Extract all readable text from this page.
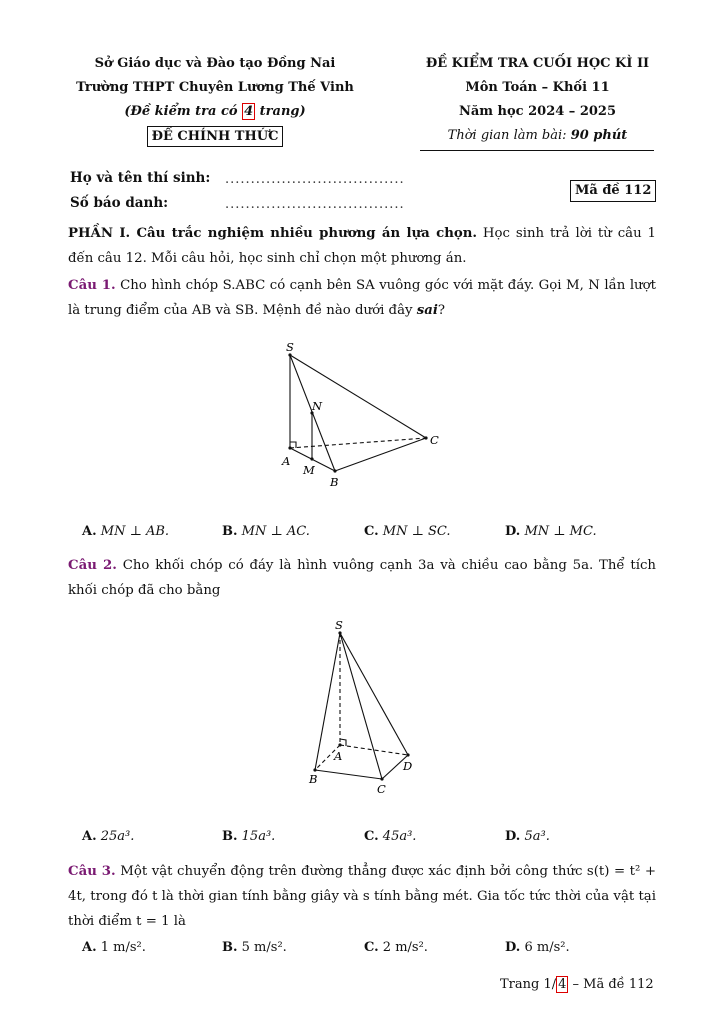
Sở Giáo dục và Đào tạo Đồng Nai
Trường THPT Chuyên Lương Thế Vinh
(Đề kiểm tra có 4 trang)
ĐỀ CHÍNH THỨC
ĐỀ KIỂM TRA CUỐI HỌC KÌ II
Môn Toán – Khối 11
Năm học 2024 – 2025
Thời gian làm bài: 90 phút
Họ và tên thí sinh: ...................................
Số báo danh:	...................................
Mã đề 112
PHẦN I. Câu trắc nghiệm nhiều phương án lựa chọn. Học sinh trả lời từ câu 1 đến câu 12. Mỗi câu hỏi, học sinh chỉ chọn một phương án.
Câu 1. Cho hình chóp S.ABC có cạnh bên SA vuông góc với mặt đáy. Gọi M, N lần lượt là trung điểm của AB và SB. Mệnh đề nào dưới đây sai?
S
N
C
A
M
B
A. MN ⊥ AB.	B. MN ⊥ AC.	C. MN ⊥ SC.	D. MN ⊥ MC.
Câu 2. Cho khối chóp có đáy là hình vuông cạnh 3a và chiều cao bằng 5a. Thể tích khối chóp đã cho bằng
S
A
B
C
D
A. 25a³.	B. 15a³.	C. 45a³.	D. 5a³.
Câu 3. Một vật chuyển động trên đường thẳng được xác định bởi công thức s(t) = t² + 4t, trong đó t là thời gian tính bằng giây và s tính bằng mét. Gia tốc tức thời của vật tại thời điểm t = 1 là
A. 1 m/s².	B. 5 m/s².	C. 2 m/s².	D. 6 m/s².
Trang 1/ 4 – Mã đề 112
